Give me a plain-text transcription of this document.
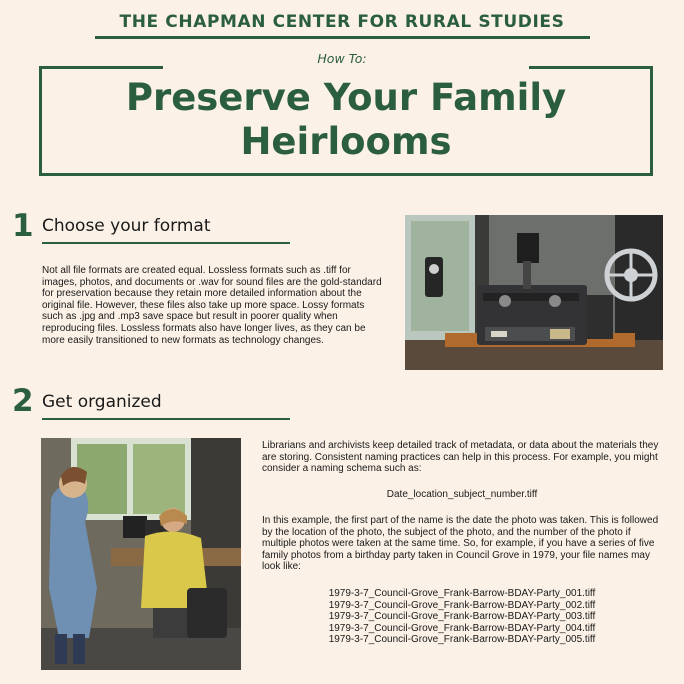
THE CHAPMAN CENTER FOR RURAL STUDIES
How To:
Preserve Your Family
Heirlooms
1 Choose your format
Not all file formats are created equal. Lossless formats such as .tiff for images, photos, and documents or .wav for sound files are the gold-standard for preservation because they retain more detailed information about the original file. However, these files also take up more space. Lossy formats such as .jpg and .mp3 save space but result in poorer quality when reproducing files. Lossless formats also have longer lives, as they can be more easily transitioned to new formats as technology changes.
2 Get organized
Librarians and archivists keep detailed track of metadata, or data about the materials they are storing. Consistent naming practices can help in this process. For example, you might consider a naming schema such as:
Date_location_subject_number.tiff
In this example, the first part of the name is the date the photo was taken. This is followed by the location of the photo, the subject of the photo, and the number of the photo if multiple photos were taken at the same time. So, for example, if you have a series of five family photos from a birthday party taken in Council Grove in 1979, your file names may look like:
1979-3-7_Council-Grove_Frank-Barrow-BDAY-Party_001.tiff
1979-3-7_Council-Grove_Frank-Barrow-BDAY-Party_002.tiff
1979-3-7_Council-Grove_Frank-Barrow-BDAY-Party_003.tiff
1979-3-7_Council-Grove_Frank-Barrow-BDAY-Party_004.tiff
1979-3-7_Council-Grove_Frank-Barrow-BDAY-Party_005.tiff
